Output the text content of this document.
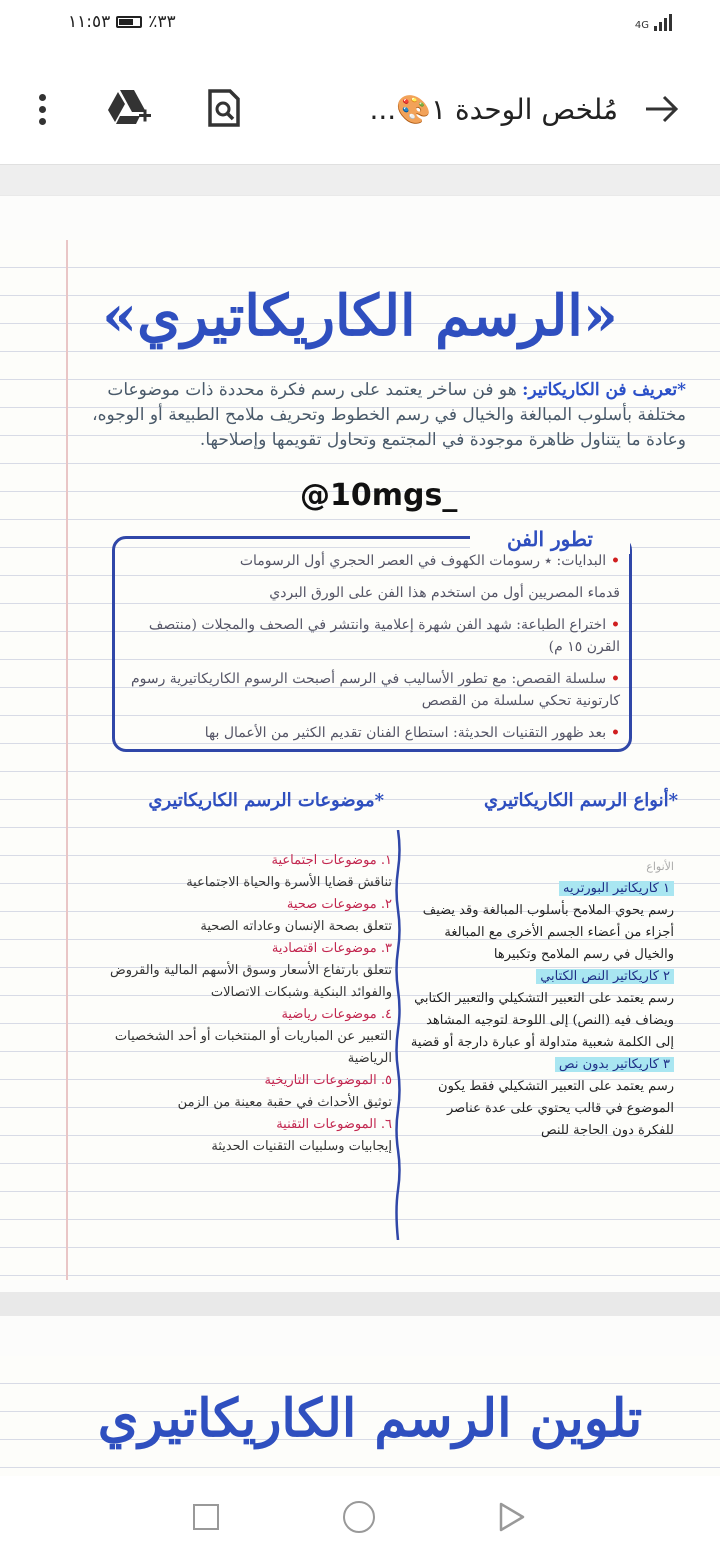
١١:٥٣ ٪٣٣	4G
مُلخص الوحدة ١🎨...
«الرسم الكاريكاتيري»
*تعريف فن الكاريكاتير: هو فن ساخر يعتمد على رسم فكرة محددة ذات موضوعات مختلفة بأسلوب المبالغة والخيال في رسم الخطوط وتحريف ملامح الطبيعة أو الوجوه، وعادة ما يتناول ظاهرة موجودة في المجتمع وتحاول تقويمها وإصلاحها.
@10mgs_
تطور الفن
• البدايات: ٭ رسومات الكهوف في العصر الحجري أول الرسومات
قدماء المصريين أول من استخدم هذا الفن على الورق البردي
• اختراع الطباعة: شهد الفن شهرة إعلامية وانتشر في الصحف والمجلات (منتصف القرن ١٥ م)
• سلسلة القصص: مع تطور الأساليب في الرسم أصبحت الرسوم الكاريكاتيرية رسوم كارتونية تحكي سلسلة من القصص
• بعد ظهور التقنيات الحديثة: استطاع الفنان تقديم الكثير من الأعمال بها
*موضوعات الرسم الكاريكاتيري	*أنواع الرسم الكاريكاتيري
١. موضوعات اجتماعية
تناقش قضايا الأسرة والحياة الاجتماعية
٢. موضوعات صحية
تتعلق بصحة الإنسان وعاداته الصحية
٣. موضوعات اقتصادية
تتعلق بارتفاع الأسعار وسوق الأسهم المالية والقروض والفوائد البنكية وشبكات الاتصالات
٤. موضوعات رياضية
التعبير عن المباريات أو المنتخبات أو أحد الشخصيات الرياضية
٥. الموضوعات التاريخية
توثيق الأحداث في حقبة معينة من الزمن
٦. الموضوعات التقنية
إيجابيات وسلبيات التقنيات الحديثة
الأنواع
١ كاريكاتير البورتريه
رسم يحوي الملامح بأسلوب المبالغة وقد يضيف أجزاء من أعضاء الجسم الأخرى مع المبالغة والخيال في رسم الملامح وتكبيرها
٢ كاريكاتير النص الكتابي
رسم يعتمد على التعبير التشكيلي والتعبير الكتابي ويضاف فيه (النص) إلى اللوحة لتوجيه المشاهد إلى الكلمة شعبية متداولة أو عبارة دارجة أو قضية
٣ كاريكاتير بدون نص
رسم يعتمد على التعبير التشكيلي فقط يكون الموضوع في قالب يحتوي على عدة عناصر للفكرة دون الحاجة للنص
تلوين الرسم الكاريكاتيري
